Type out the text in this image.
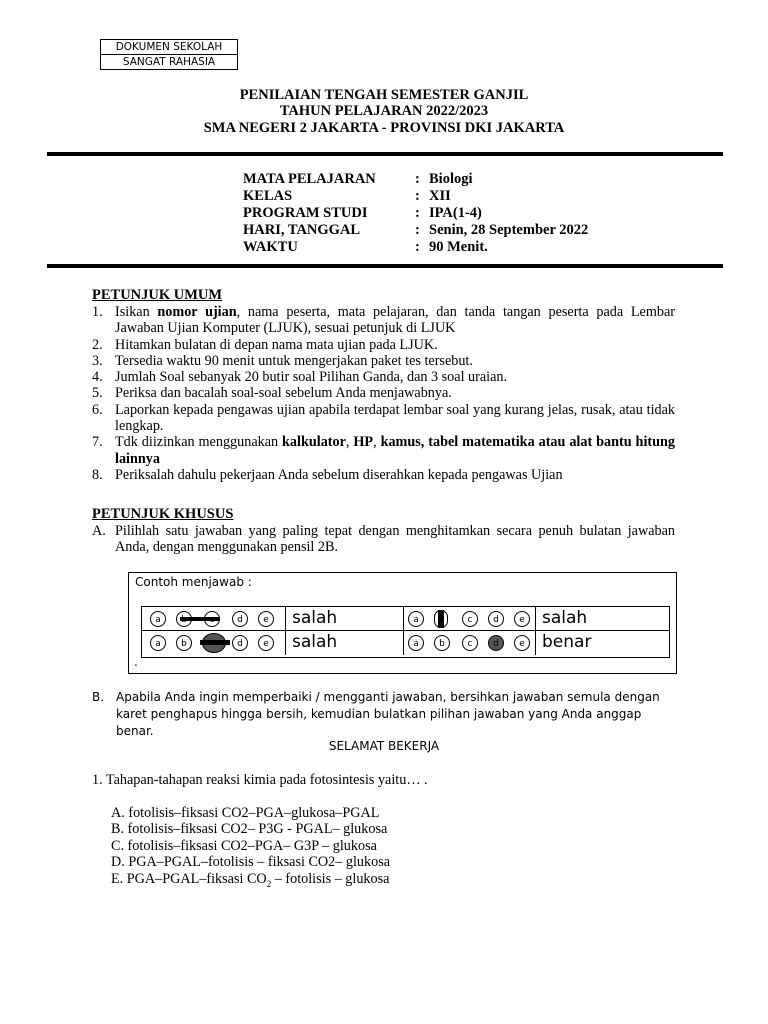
DOKUMEN SEKOLAH
SANGAT RAHASIA
PENILAIAN TENGAH SEMESTER GANJIL
TAHUN PELAJARAN 2022/2023
SMA NEGERI 2 JAKARTA - PROVINSI DKI JAKARTA
MATA PELAJARAN	: Biologi
KELAS	: XII
PROGRAM STUDI	: IPA(1-4)
HARI, TANGGAL	: Senin, 28 September 2022
WAKTU	: 90 Menit.
PETUNJUK UMUM
1. Isikan nomor ujian, nama peserta, mata pelajaran, dan tanda tangan peserta pada Lembar Jawaban Ujian Komputer (LJUK), sesuai petunjuk di LJUK
2. Hitamkan bulatan di depan nama mata ujian pada LJUK.
3. Tersedia waktu 90 menit untuk mengerjakan paket tes tersebut.
4. Jumlah Soal sebanyak 20 butir soal Pilihan Ganda, dan 3 soal uraian.
5. Periksa dan bacalah soal-soal sebelum Anda menjawabnya.
6. Laporkan kepada pengawas ujian apabila terdapat lembar soal yang kurang jelas, rusak, atau tidak lengkap.
7. Tdk diizinkan menggunakan kalkulator, HP, kamus, tabel matematika atau alat bantu hitung lainnya
8. Periksalah dahulu pekerjaan Anda sebelum diserahkan kepada pengawas Ujian
PETUNJUK KHUSUS
A. Pilihlah satu jawaban yang paling tepat dengan menghitamkan secara penuh bulatan jawaban Anda, dengan menggunakan pensil 2B.
Contoh menjawab :
a	d	e	salah	a	c	d	e	salah
a	b	d	e	salah	a	b	c	d	e	benar
.
B. Apabila Anda ingin memperbaiki / mengganti jawaban, bersihkan jawaban semula dengan karet penghapus hingga bersih, kemudian bulatkan pilihan jawaban yang Anda anggap benar.
SELAMAT BEKERJA
1. Tahapan-tahapan reaksi kimia pada fotosintesis yaitu… .
A. fotolisis–fiksasi CO2–PGA–glukosa–PGAL
B. fotolisis–fiksasi CO2– P3G - PGAL– glukosa
C. fotolisis–fiksasi CO2–PGA– G3P – glukosa
D. PGA–PGAL–fotolisis – fiksasi CO2– glukosa
E. PGA–PGAL–fiksasi $CO_2$ – fotolisis – glukosa
